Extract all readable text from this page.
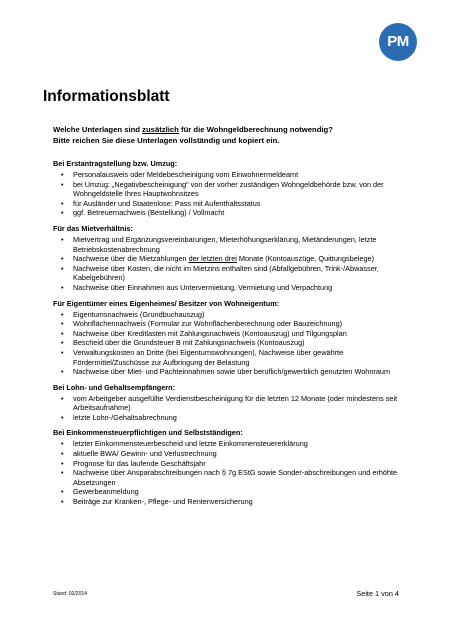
PM
Informationsblatt

Welche Unterlagen sind zusätzlich für die Wohngeldberechnung notwendig?
Bitte reichen Sie diese Unterlagen vollständig und kopiert ein.

Bei Erstantragstellung bzw. Umzug:
• Personalausweis oder Meldebescheinigung vom Einwohnermeldeamt
• bei Umzug: „Negativbescheinigung“ von der vorher zuständigen Wohngeldbehörde bzw. von der Wohngeldstelle Ihres Hauptwohnsitzes
• für Ausländer und Staatenlose: Pass mit Aufenthaltsstatus
• ggf. Betreuernachweis (Bestellung) / Vollmacht
Für das Mietverhältnis:
• Mietvertrag und Ergänzungsvereinbarungen, Mieterhöhungserklärung, Mietänderungen, letzte Betriebskostenabrechnung
• Nachweise über die Mietzahlungen der letzten drei Monate (Kontoauszüge, Quittungsbelege)
• Nachweise über Kosten, die nicht im Mietzins enthalten sind (Abfallgebühren, Trink-/Abwasser, Kabelgebühren)
• Nachweise über Einnahmen aus Untervermietung, Vermietung und Verpachtung
Für Eigentümer eines Eigenheimes/ Besitzer von Wohneigentum:
• Eigentumsnachweis (Grundbuchauszug)
• Wohnflächennachweis (Formular zur Wohnflächenberechnung oder Bauzeichnung)
• Nachweise über Kreditlasten mit Zahlungsnachweis (Kontoauszug) und Tilgungsplan
• Bescheid über die Grundsteuer B mit Zahlungsnachweis (Kontoauszug)
• Verwaltungskosten an Dritte (bei Eigentumswohnungen), Nachweise über gewährte Fördermittel/Zuschüsse zur Aufbringung der Belastung
• Nachweise über Miet- und Pachteinnahmen sowie über beruflich/gewerblich genutzten Wohnraum
Bei Lohn- und Gehaltsempfängern:
• vom Arbeitgeber ausgefüllte Verdienstbescheinigung für die letzten 12 Monate (oder mindestens seit Arbeitsaufnahme)
• letzte Lohn-/Gehaltsabrechnung
Bei Einkommensteuerpflichtigen und Selbstständigen:
• letzter Einkommensteuerbescheid und letzte Einkommensteuererklärung
• aktuelle BWA/ Gewinn- und Verlustrechnung
• Prognose für das laufende Geschäftsjahr
• Nachweise über Ansparabschreibungen nach § 7g EStG sowie Sonder-abschreibungen und erhöhte Absetzungen
• Gewerbeanmeldung
• Beiträge zur Kranken-, Pflege- und Rentenversicherung
Stand: 02/2014	Seite 1 von 4
